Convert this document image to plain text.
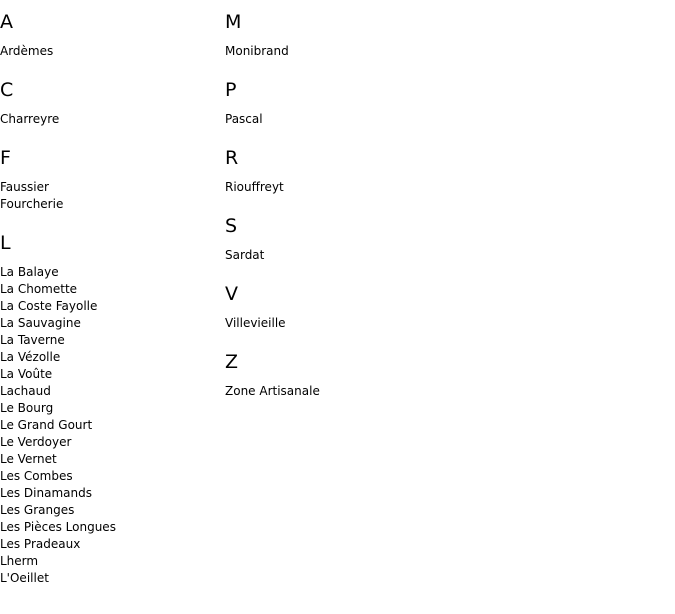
A
Ardèmes
C
Charreyre
F
Faussier
Fourcherie
L
La Balaye
La Chomette
La Coste Fayolle
La Sauvagine
La Taverne
La Vézolle
La Voûte
Lachaud
Le Bourg
Le Grand Gourt
Le Verdoyer
Le Vernet
Les Combes
Les Dinamands
Les Granges
Les Pièces Longues
Les Pradeaux
Lherm
L'Oeillet
M
Monibrand
P
Pascal
R
Riouffreyt
S
Sardat
V
Villevieille
Z
Zone Artisanale
